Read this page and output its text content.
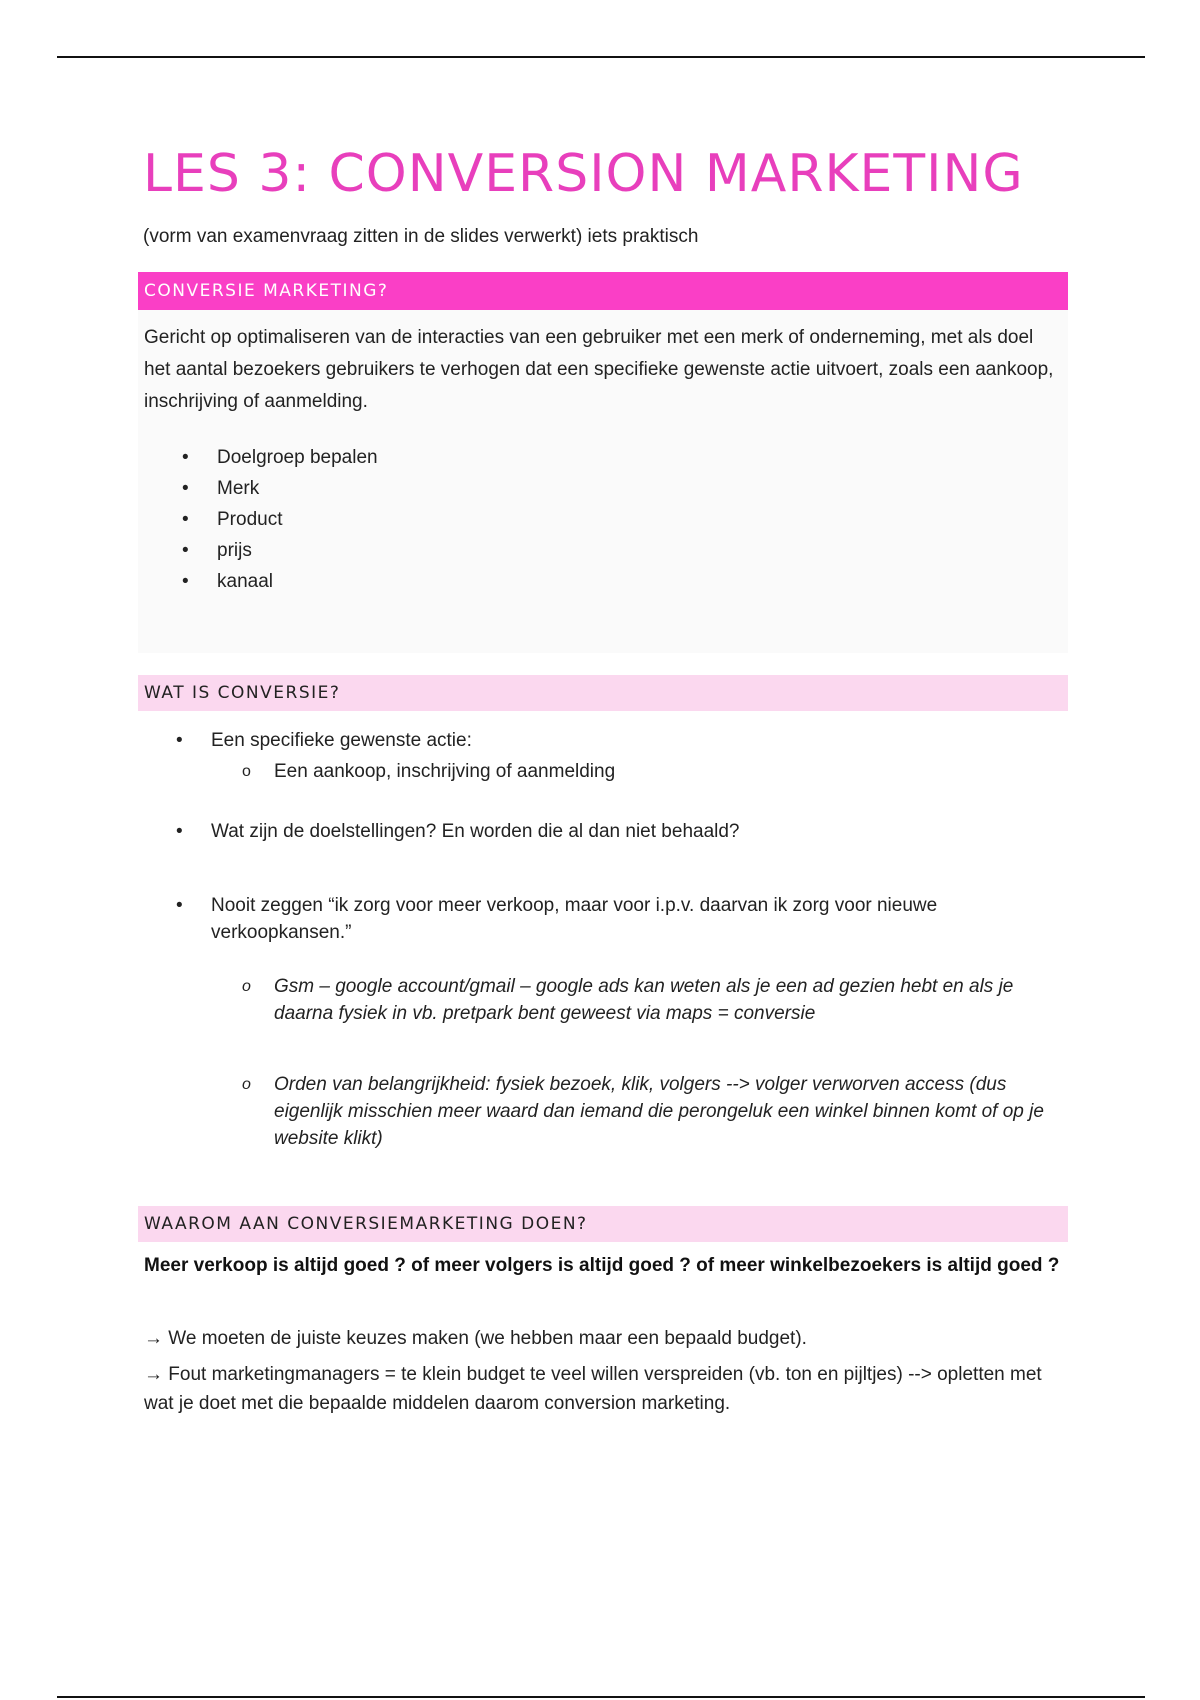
LES 3: CONVERSION MARKETING
(vorm van examenvraag zitten in de slides verwerkt) iets praktisch
CONVERSIE MARKETING?
Gericht op optimaliseren van de interacties van een gebruiker met een merk of onderneming, met als doel het aantal bezoekers gebruikers te verhogen dat een specifieke gewenste actie uitvoert, zoals een aankoop, inschrijving of aanmelding.
• Doelgroep bepalen
• Merk
• Product
• prijs
• kanaal
WAT IS CONVERSIE?
• Een specifieke gewenste actie:
o Een aankoop, inschrijving of aanmelding
• Wat zijn de doelstellingen? En worden die al dan niet behaald?
• Nooit zeggen “ik zorg voor meer verkoop, maar voor i.p.v. daarvan ik zorg voor nieuwe verkoopkansen.”
o Gsm – google account/gmail – google ads kan weten als je een ad gezien hebt en als je daarna fysiek in vb. pretpark bent geweest via maps = conversie
o Orden van belangrijkheid: fysiek bezoek, klik, volgers --> volger verworven access (dus eigenlijk misschien meer waard dan iemand die perongeluk een winkel binnen komt of op je website klikt)
WAAROM AAN CONVERSIEMARKETING DOEN?
Meer verkoop is altijd goed ? of meer volgers is altijd goed ? of meer winkelbezoekers is altijd goed ?
→ We moeten de juiste keuzes maken (we hebben maar een bepaald budget).
→ Fout marketingmanagers = te klein budget te veel willen verspreiden (vb. ton en pijltjes) --> opletten met wat je doet met die bepaalde middelen daarom conversion marketing.
